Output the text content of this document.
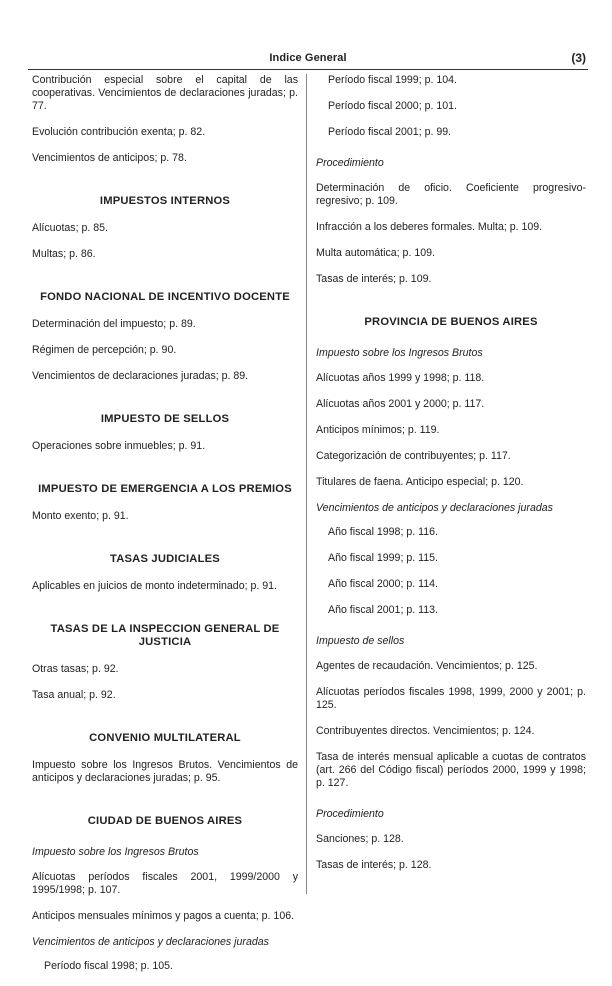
Indice General	(3)
Contribución especial sobre el capital de las cooperativas. Vencimientos de declaraciones juradas; p. 77.
Evolución contribución exenta; p. 82.
Vencimientos de anticipos; p. 78.
IMPUESTOS INTERNOS
Alícuotas; p. 85.
Multas; p. 86.
FONDO NACIONAL DE INCENTIVO DOCENTE
Determinación del impuesto; p. 89.
Régimen de percepción; p. 90.
Vencimientos de declaraciones juradas; p. 89.
IMPUESTO DE SELLOS
Operaciones sobre inmuebles; p. 91.
IMPUESTO DE EMERGENCIA A LOS PREMIOS
Monto exento; p. 91.
TASAS JUDICIALES
Aplicables en juicios de monto indeterminado; p. 91.
TASAS DE LA INSPECCION GENERAL DE JUSTICIA
Otras tasas; p. 92.
Tasa anual; p. 92.
CONVENIO MULTILATERAL
Impuesto sobre los Ingresos Brutos. Vencimientos de anticipos y declaraciones juradas; p. 95.
CIUDAD DE BUENOS AIRES
Impuesto sobre los Ingresos Brutos
Alícuotas períodos fiscales 2001, 1999/2000 y 1995/1998; p. 107.
Anticipos mensuales mínimos y pagos a cuenta; p. 106.
Vencimientos de anticipos y declaraciones juradas
Período fiscal 1998; p. 105.
Período fiscal 1999; p. 104.
Período fiscal 2000; p. 101.
Período fiscal 2001; p. 99.
Procedimiento
Determinación de oficio. Coeficiente progresivo-regresivo; p. 109.
Infracción a los deberes formales. Multa; p. 109.
Multa automática; p. 109.
Tasas de interés; p. 109.
PROVINCIA DE BUENOS AIRES
Impuesto sobre los Ingresos Brutos
Alícuotas años 1999 y 1998; p. 118.
Alícuotas años 2001 y 2000; p. 117.
Anticipos mínimos; p. 119.
Categorización de contribuyentes; p. 117.
Titulares de faena. Anticipo especial; p. 120.
Vencimientos de anticipos y declaraciones juradas
Año fiscal 1998; p. 116.
Año fiscal 1999; p. 115.
Año fiscal 2000; p. 114.
Año fiscal 2001; p. 113.
Impuesto de sellos
Agentes de recaudación. Vencimientos; p. 125.
Alícuotas períodos fiscales 1998, 1999, 2000 y 2001; p. 125.
Contribuyentes directos. Vencimientos; p. 124.
Tasa de interés mensual aplicable a cuotas de contratos (art. 266 del Código fiscal) períodos 2000, 1999 y 1998; p. 127.
Procedimiento
Sanciones; p. 128.
Tasas de interés; p. 128.
